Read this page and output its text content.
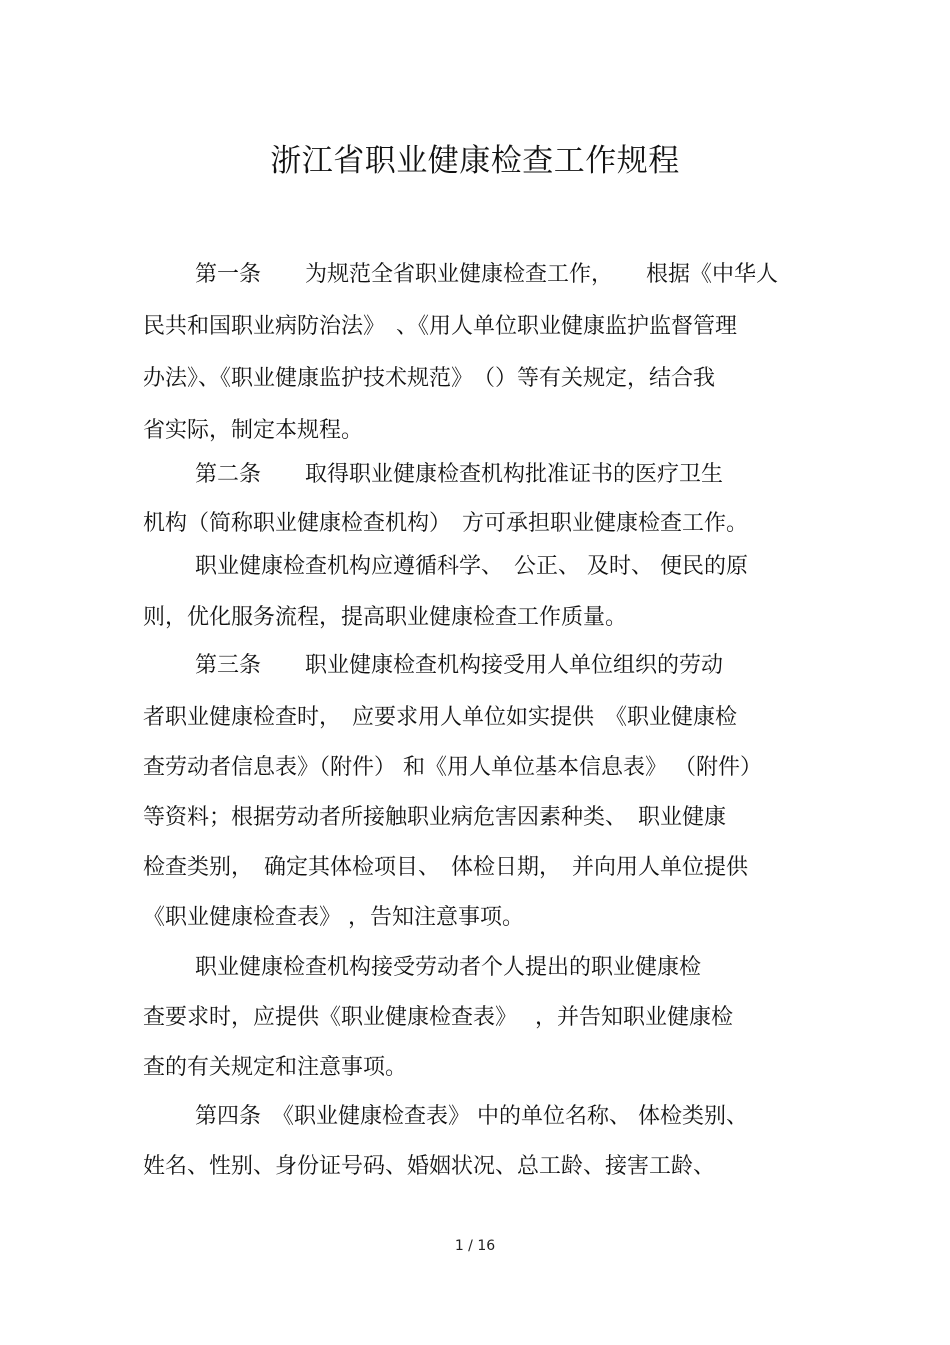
浙江省职业健康检查工作规程
第一条　　为规范全省职业健康检查工作，　　根据《中华人
民共和国职业病防治法》　、《用人单位职业健康监护监督管理
办法》、《职业健康监护技术规范》　（）等有关规定，结合我
省实际，制定本规程。
第二条　　取得职业健康检查机构批准证书的医疗卫生
机构（简称职业健康检查机构）　方可承担职业健康检查工作。
职业健康检查机构应遵循科学、　公正、 及时、 便民的原
则，优化服务流程，提高职业健康检查工作质量。
第三条　　职业健康检查机构接受用人单位组织的劳动
者职业健康检查时，　应要求用人单位如实提供　《职业健康检
查劳动者信息表》（附件） 和《用人单位基本信息表》 （附件）
等资料；根据劳动者所接触职业病危害因素种类、　职业健康
检查类别，　确定其体检项目、　体检日期，　并向用人单位提供
《职业健康检查表》 ，告知注意事项。
职业健康检查机构接受劳动者个人提出的职业健康检
查要求时，应提供《职业健康检查表》　 ，并告知职业健康检
查的有关规定和注意事项。
第四条　《职业健康检查表》 中的单位名称、 体检类别、
姓名、性别、身份证号码、婚姻状况、总工龄、接害工龄、
1 / 16
